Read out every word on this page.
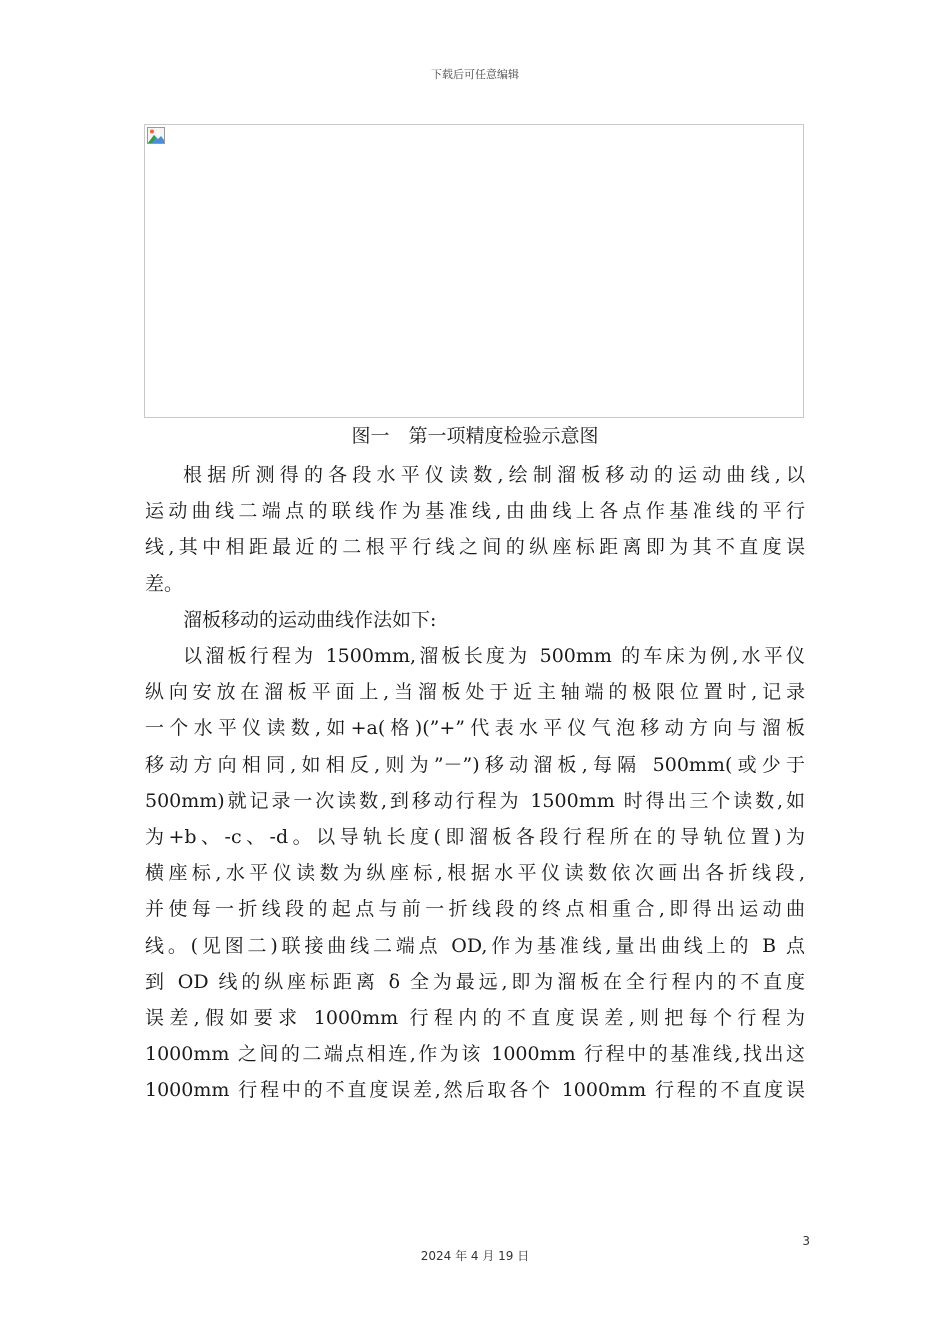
下载后可任意编辑
图一　第一项精度检验示意图

根据所测得的各段水平仪读数,绘制溜板移动的运动曲线,以

运动曲线二端点的联线作为基准线,由曲线上各点作基准线的平行
线,其中相距最近的二根平行线之间的纵座标距离即为其不直度误
差。

溜板移动的运动曲线作法如下:

以溜板行程为 1500mm,溜板长度为 500mm 的车床为例,水平仪

纵向安放在溜板平面上,当溜板处于近主轴端的极限位置时,记录
一个水平仪读数,如+a(格)(”+”代表水平仪气泡移动方向与溜板
移动方向相同,如相反,则为”－”)移动溜板,每隔 500mm(或少于
500mm)就记录一次读数,到移动行程为 1500mm 时得出三个读数,如
为+b、-c、-d。以导轨长度(即溜板各段行程所在的导轨位置)为
横座标,水平仪读数为纵座标,根据水平仪读数依次画出各折线段,
并使每一折线段的起点与前一折线段的终点相重合,即得出运动曲
线。(见图二)联接曲线二端点 OD,作为基准线,量出曲线上的 B 点
到 OD 线的纵座标距离 δ 全为最远,即为溜板在全行程内的不直度
误差,假如要求 1000mm 行程内的不直度误差,则把每个行程为
1000mm 之间的二端点相连,作为该 1000mm 行程中的基准线,找出这
1000mm 行程中的不直度误差,然后取各个 1000mm 行程的不直度误

3
2024 年 4 月 19 日
